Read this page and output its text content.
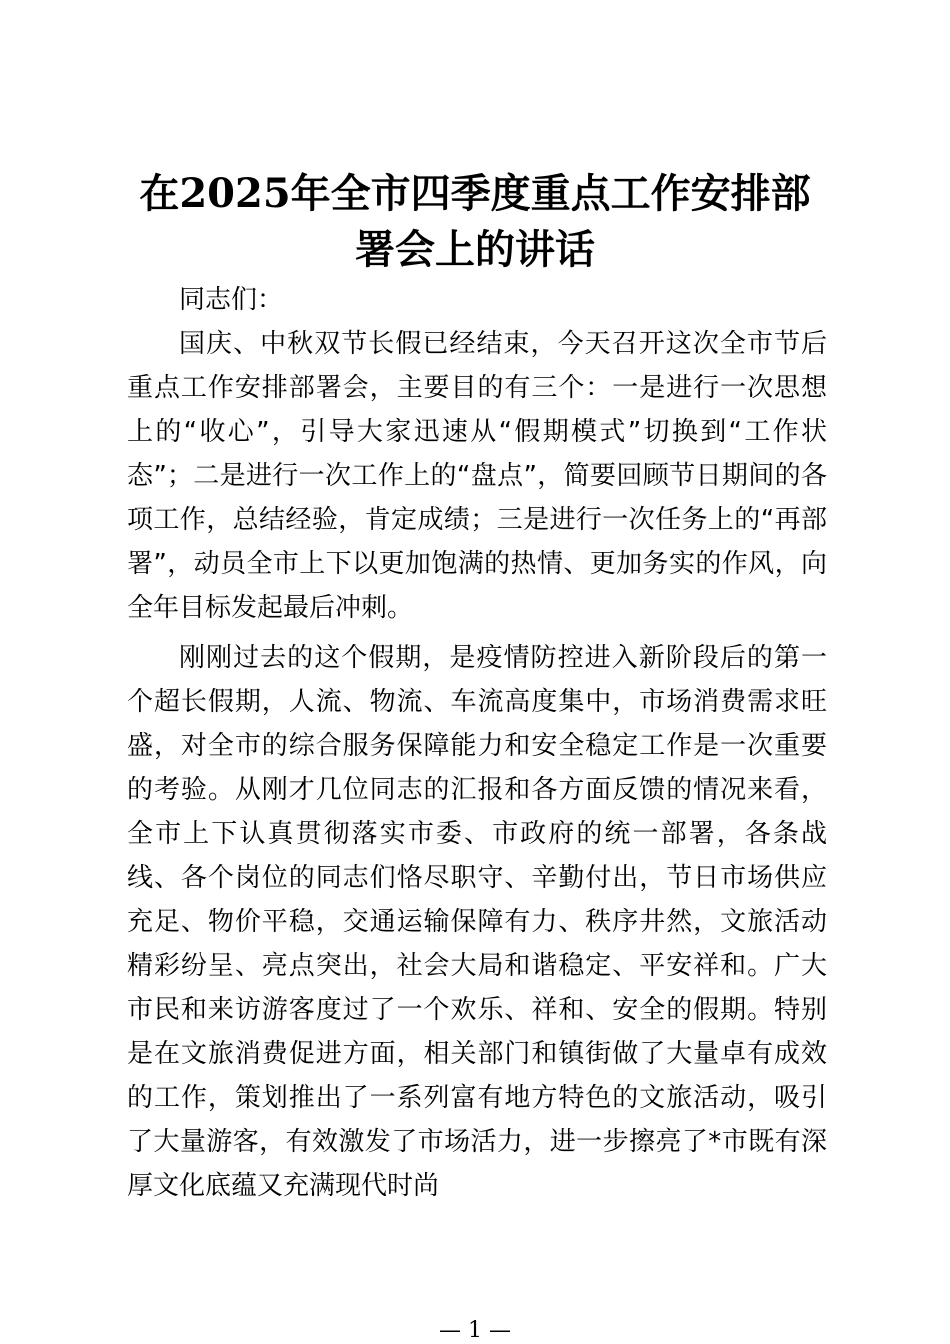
在2025年全市四季度重点工作安排部署会上的讲话

同志们：

国庆、中秋双节长假已经结束，今天召开这次全市节后重点工作安排部署会，主要目的有三个：一是进行一次思想上的“收心”，引导大家迅速从“假期模式”切换到“工作状态”；二是进行一次工作上的“盘点”，简要回顾节日期间的各项工作，总结经验，肯定成绩；三是进行一次任务上的“再部署”，动员全市上下以更加饱满的热情、更加务实的作风，向全年目标发起最后冲刺。

刚刚过去的这个假期，是疫情防控进入新阶段后的第一个超长假期，人流、物流、车流高度集中，市场消费需求旺盛，对全市的综合服务保障能力和安全稳定工作是一次重要的考验。从刚才几位同志的汇报和各方面反馈的情况来看，全市上下认真贯彻落实市委、市政府的统一部署，各条战线、各个岗位的同志们恪尽职守、辛勤付出，节日市场供应充足、物价平稳，交通运输保障有力、秩序井然，文旅活动精彩纷呈、亮点突出，社会大局和谐稳定、平安祥和。广大市民和来访游客度过了一个欢乐、祥和、安全的假期。特别是在文旅消费促进方面，相关部门和镇街做了大量卓有成效的工作，策划推出了一系列富有地方特色的文旅活动，吸引了大量游客，有效激发了市场活力，进一步擦亮了*市既有深厚文化底蕴又充满现代时尚

— 1 —
